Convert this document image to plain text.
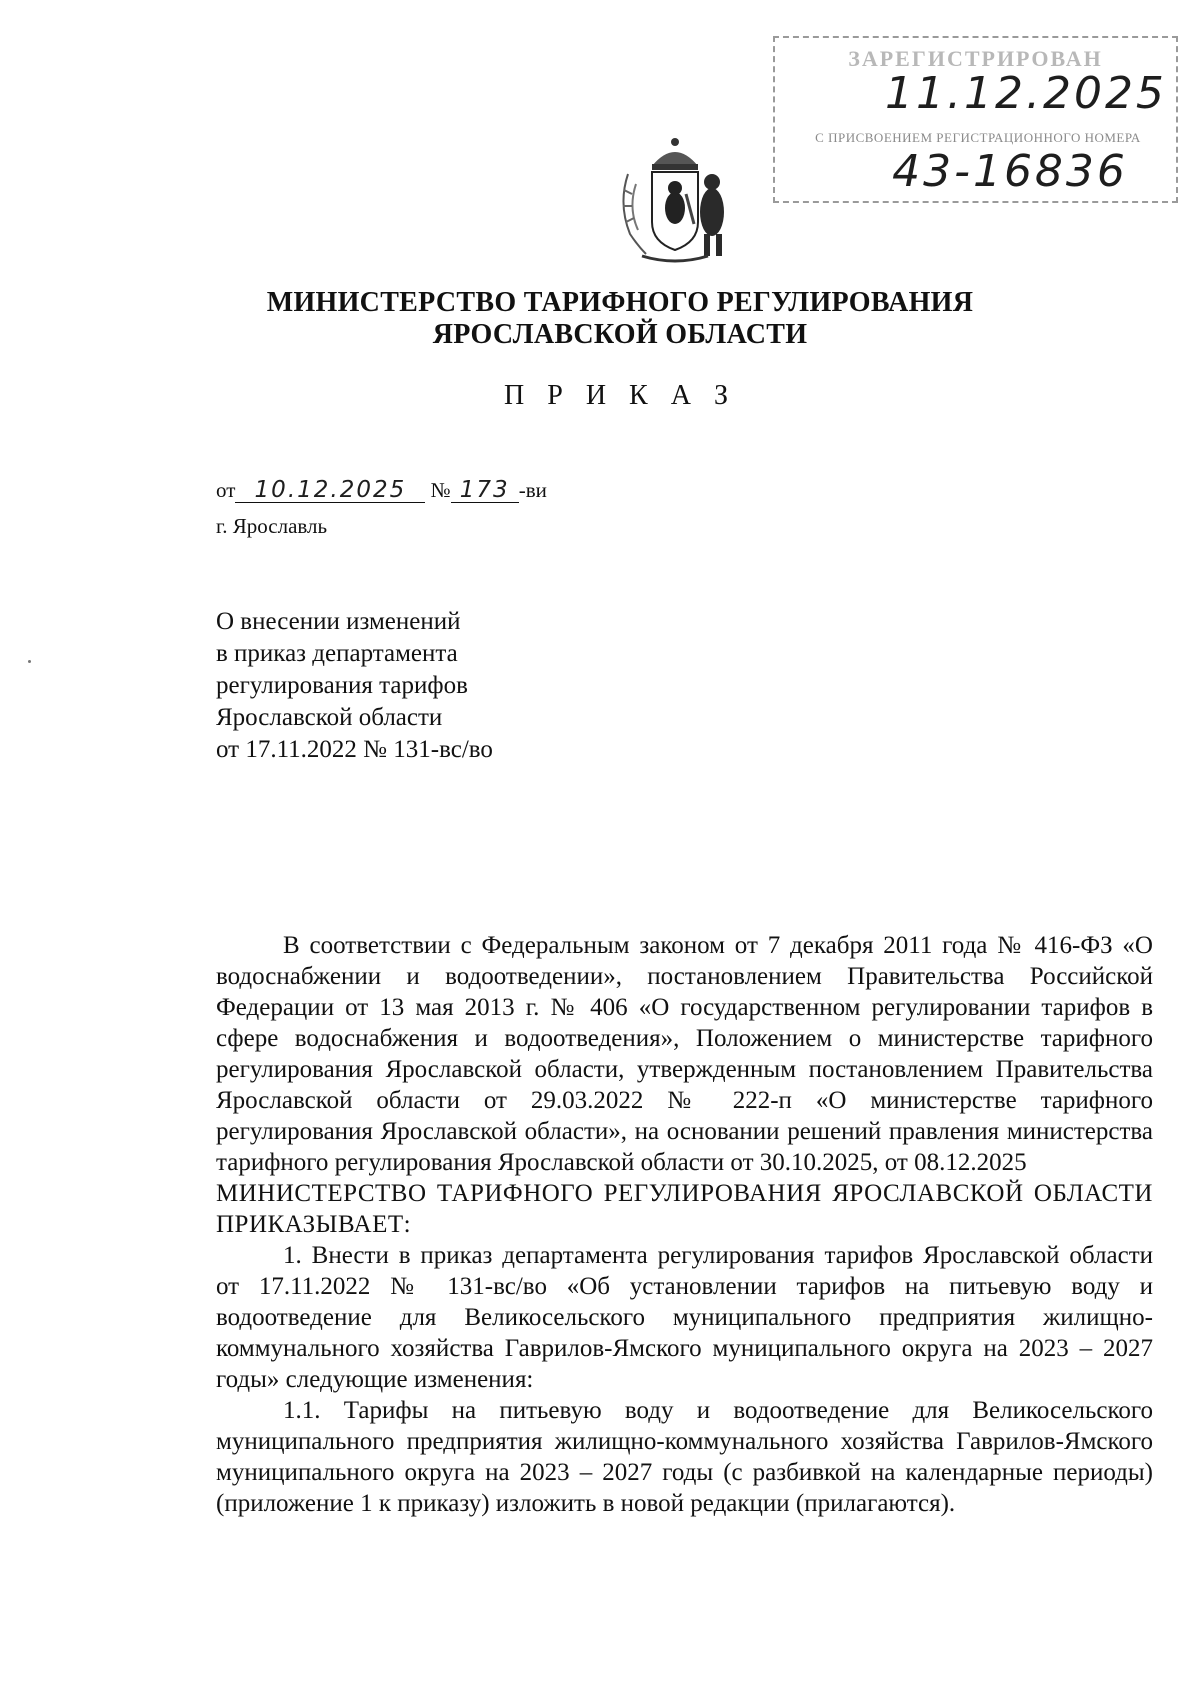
ЗАРЕГИСТРИРОВАН
11.12.2025
С ПРИСВОЕНИЕМ РЕГИСТРАЦИОННОГО НОМЕРА
43-16836
МИНИСТЕРСТВО ТАРИФНОГО РЕГУЛИРОВАНИЯ
ЯРОСЛАВСКОЙ ОБЛАСТИ
П Р И К А З
от 10.12.2025 № 173 -ви
г. Ярославль
О внесении изменений
в приказ департамента
регулирования тарифов
Ярославской области
от 17.11.2022 № 131-вс/во

В соответствии с Федеральным законом от 7 декабря 2011 года № 416-ФЗ «О водоснабжении и водоотведении», постановлением Правительства Российской Федерации от 13 мая 2013 г. № 406 «О государственном регулировании тарифов в сфере водоснабжения и водоотведения», Положением о министерстве тарифного регулирования Ярославской области, утвержденным постановлением Правительства Ярославской области от 29.03.2022 № 222-п «О министерстве тарифного регулирования Ярославской области», на основании решений правления министерства тарифного регулирования Ярославской области от 30.10.2025, от 08.12.2025

МИНИСТЕРСТВО ТАРИФНОГО РЕГУЛИРОВАНИЯ ЯРОСЛАВСКОЙ ОБЛАСТИ ПРИКАЗЫВАЕТ:

1. Внести в приказ департамента регулирования тарифов Ярославской области от 17.11.2022 № 131-вс/во «Об установлении тарифов на питьевую воду и водоотведение для Великосельского муниципального предприятия жилищно-коммунального хозяйства Гаврилов-Ямского муниципального округа на 2023 – 2027 годы» следующие изменения:

1.1. Тарифы на питьевую воду и водоотведение для Великосельского муниципального предприятия жилищно-коммунального хозяйства Гаврилов-Ямского муниципального округа на 2023 – 2027 годы (с разбивкой на календарные периоды) (приложение 1 к приказу) изложить в новой редакции (прилагаются).
